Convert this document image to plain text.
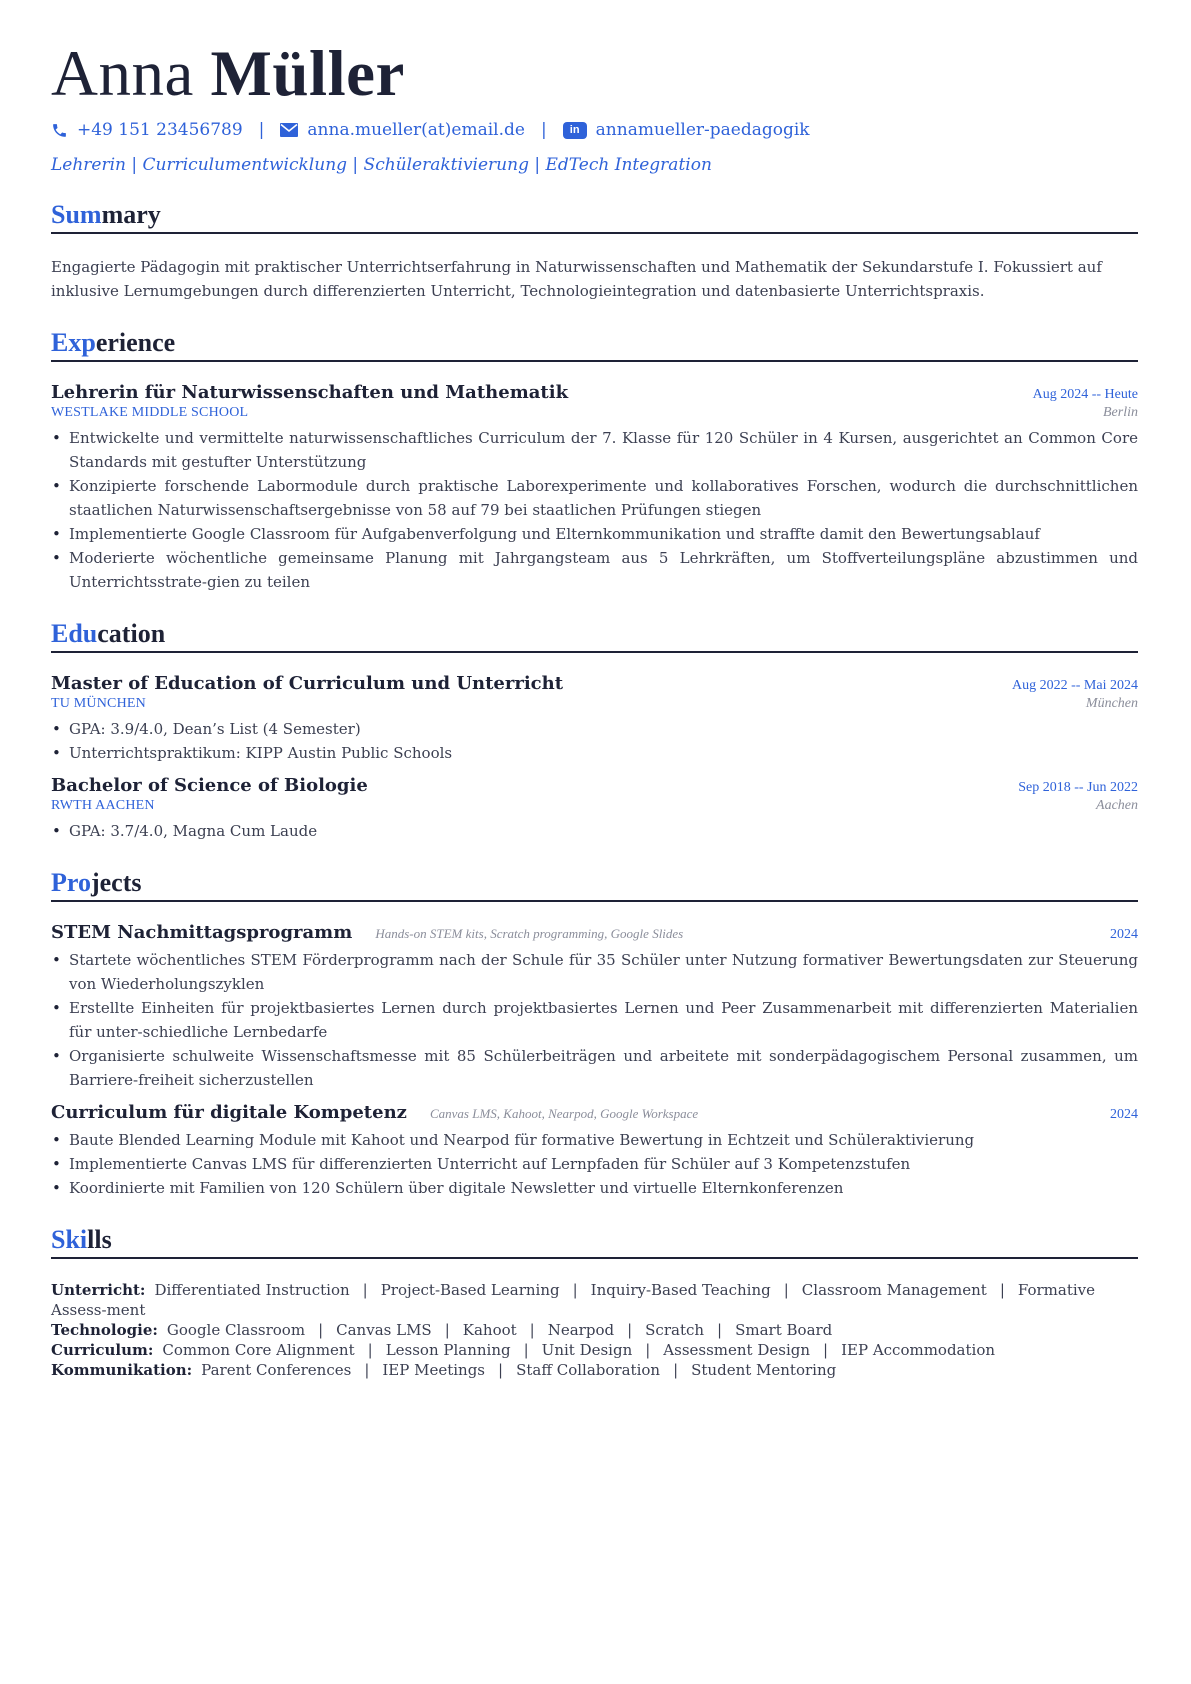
Anna Müller
+49 151 23456789 |	anna.mueller(at)email.de |	in annamueller-paedagogik
Lehrerin | Curriculumentwicklung | Schüleraktivierung | EdTech Integration
Summary
Engagierte Pädagogin mit praktischer Unterrichtserfahrung in Naturwissenschaften und Mathematik der Sekundarstufe I. Fokussiert auf inklusive Lernumgebungen durch differenzierten Unterricht, Technologieintegration und datenbasierte Unterrichtspraxis.
Experience
Lehrerin für Naturwissenschaften und Mathematik	Aug 2024 -- Heute
WESTLAKE MIDDLE SCHOOL	Berlin
• Entwickelte und vermittelte naturwissenschaftliches Curriculum der 7. Klasse für 120 Schüler in 4 Kursen, ausgerichtet an Common Core Standards mit gestufter Unterstützung
• Konzipierte forschende Labormodule durch praktische Laborexperimente und kollaboratives Forschen, wodurch die durchschnittlichen staatlichen Naturwissenschaftsergebnisse von 58 auf 79 bei staatlichen Prüfungen stiegen
• Implementierte Google Classroom für Aufgabenverfolgung und Elternkommunikation und straffte damit den Bewertungsablauf
• Moderierte wöchentliche gemeinsame Planung mit Jahrgangsteam aus 5 Lehrkräften, um Stoffverteilungspläne abzustimmen und Unterrichtsstrate-gien zu teilen
Education
Master of Education of Curriculum und Unterricht	Aug 2022 -- Mai 2024
TU MÜNCHEN	München
• GPA: 3.9/4.0, Dean’s List (4 Semester)
• Unterrichtspraktikum: KIPP Austin Public Schools
Bachelor of Science of Biologie	Sep 2018 -- Jun 2022
RWTH AACHEN	Aachen
• GPA: 3.7/4.0, Magna Cum Laude
Projects
STEM Nachmittagsprogramm Hands-on STEM kits, Scratch programming, Google Slides	2024
• Startete wöchentliches STEM Förderprogramm nach der Schule für 35 Schüler unter Nutzung formativer Bewertungsdaten zur Steuerung von Wiederholungszyklen
• Erstellte Einheiten für projektbasiertes Lernen durch projektbasiertes Lernen und Peer Zusammenarbeit mit differenzierten Materialien für unter-schiedliche Lernbedarfe
• Organisierte schulweite Wissenschaftsmesse mit 85 Schülerbeiträgen und arbeitete mit sonderpädagogischem Personal zusammen, um Barriere-freiheit sicherzustellen
Curriculum für digitale Kompetenz Canvas LMS, Kahoot, Nearpod, Google Workspace	2024
• Baute Blended Learning Module mit Kahoot und Nearpod für formative Bewertung in Echtzeit und Schüleraktivierung
• Implementierte Canvas LMS für differenzierten Unterricht auf Lernpfaden für Schüler auf 3 Kompetenzstufen
• Koordinierte mit Familien von 120 Schülern über digitale Newsletter und virtuelle Elternkonferenzen
Skills
Unterricht: Differentiated Instruction | Project-Based Learning | Inquiry-Based Teaching | Classroom Management | Formative Assess-ment
Technologie: Google Classroom | Canvas LMS | Kahoot | Nearpod | Scratch | Smart Board
Curriculum: Common Core Alignment | Lesson Planning | Unit Design | Assessment Design | IEP Accommodation
Kommunikation: Parent Conferences | IEP Meetings | Staff Collaboration | Student Mentoring
